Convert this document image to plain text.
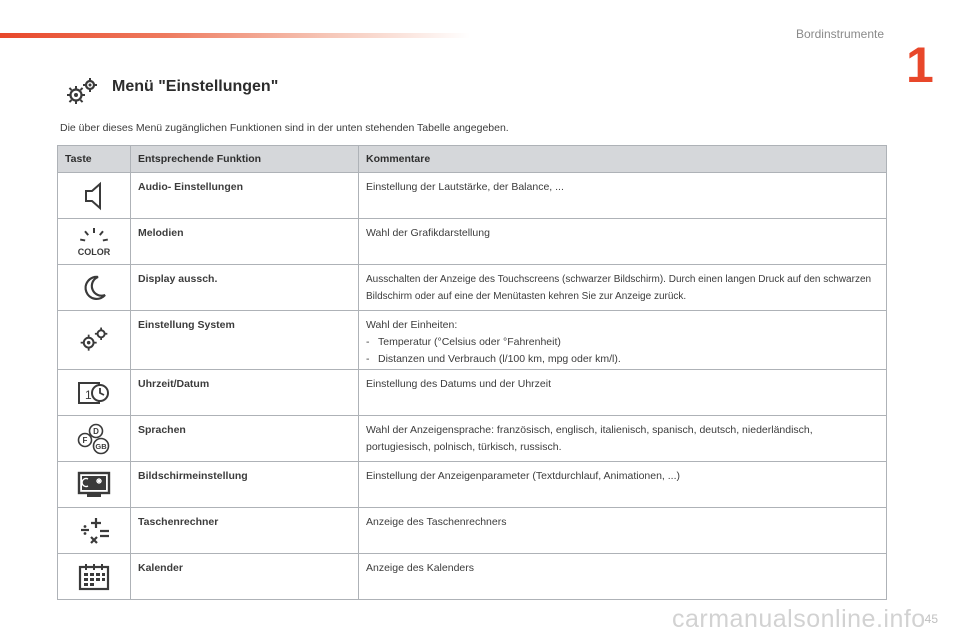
Bordinstrumente
1
Menü "Einstellungen"
Die über dieses Menü zugänglichen Funktionen sind in der unten stehenden Tabelle angegeben.
Taste	Entsprechende Funktion	Kommentare

	Audio- Einstellungen	Einstellung der Lautstärke, der Balance, ...

COLOR	Melodien	Wahl der Grafikdarstellung

	Display aussch.	Ausschalten der Anzeige des Touchscreens (schwarzer Bildschirm). Durch einen langen Druck auf den schwarzen Bildschirm oder auf eine der Menütasten kehren Sie zur Anzeige zurück.

	Einstellung System	Wahl der Einheiten:
- Temperatur (°Celsius oder °Fahrenheit)
- Distanzen und Verbrauch (l/100 km, mpg oder km/l).

1	Uhrzeit/Datum	Einstellung des Datums und der Uhrzeit

D
F
GB	Sprachen	Wahl der Anzeigensprache: französisch, englisch, italienisch, spanisch, deutsch, niederländisch, portugiesisch, polnisch, türkisch, russisch.

	Bildschirmeinstellung	Einstellung der Anzeigenparameter (Textdurchlauf, Animationen, ...)

	Taschenrechner	Anzeige des Taschenrechners

	Kalender	Anzeige des Kalenders
carmanualsonline.info
45
